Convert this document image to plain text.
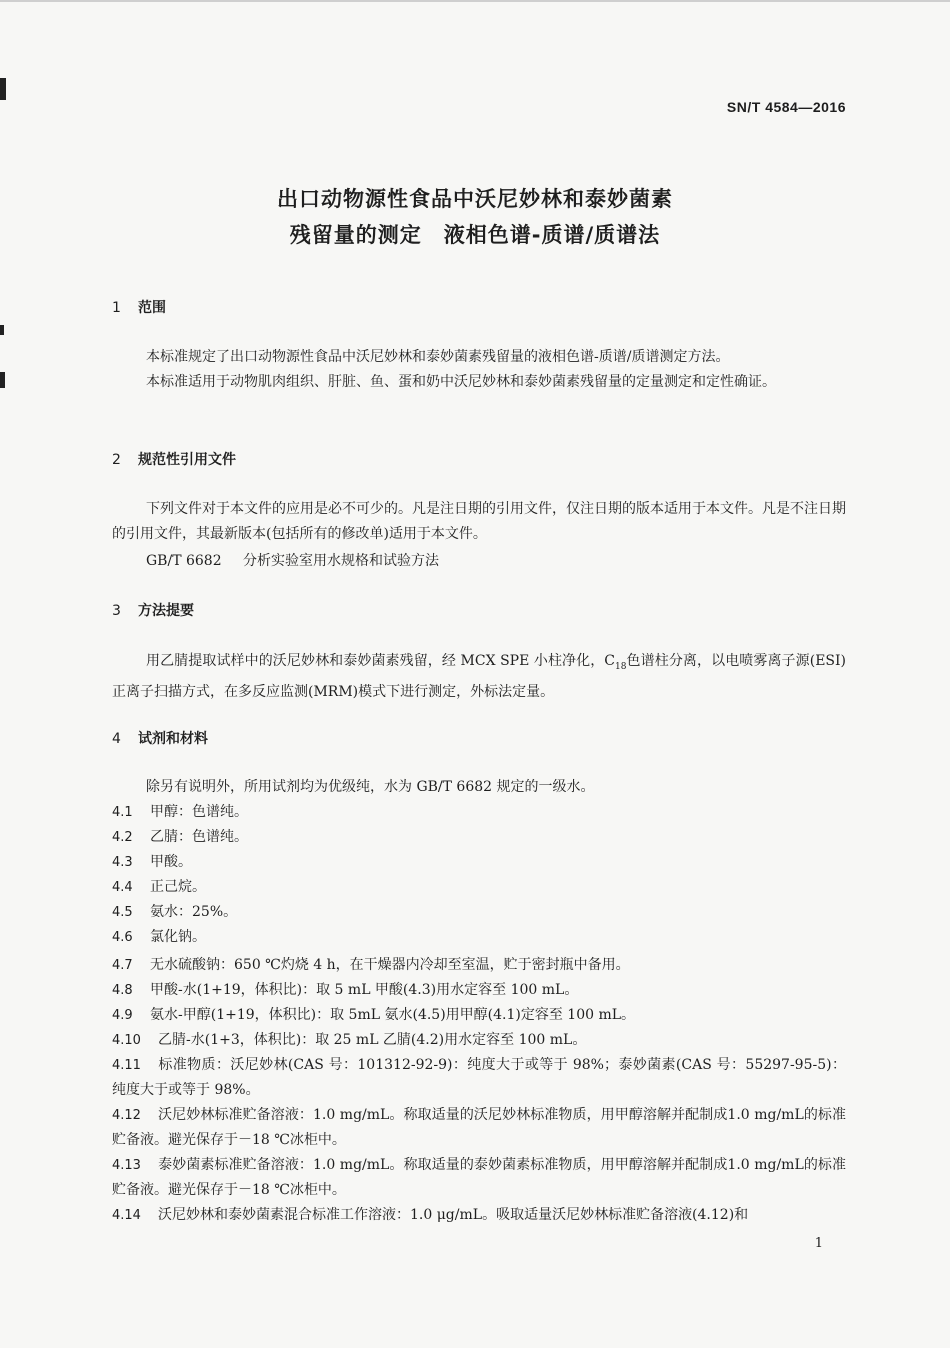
SN/T 4584—2016
出口动物源性食品中沃尼妙林和泰妙菌素
残留量的测定　液相色谱-质谱/质谱法
1 范围
本标准规定了出口动物源性食品中沃尼妙林和泰妙菌素残留量的液相色谱-质谱/质谱测定方法。
本标准适用于动物肌肉组织、肝脏、鱼、蛋和奶中沃尼妙林和泰妙菌素残留量的定量测定和定性确证。
2 规范性引用文件
下列文件对于本文件的应用是必不可少的。凡是注日期的引用文件，仅注日期的版本适用于本文件。凡是不注日期的引用文件，其最新版本(包括所有的修改单)适用于本文件。
GB/T 6682 分析实验室用水规格和试验方法
3 方法提要
用乙腈提取试样中的沃尼妙林和泰妙菌素残留，经 MCX SPE 小柱净化，$C_{18}$色谱柱分离，以电喷雾离子源(ESI)正离子扫描方式，在多反应监测(MRM)模式下进行测定，外标法定量。
4 试剂和材料
除另有说明外，所用试剂均为优级纯，水为 GB/T 6682 规定的一级水。
4.1 甲醇：色谱纯。
4.2 乙腈：色谱纯。
4.3 甲酸。
4.4 正己烷。
4.5 氨水：25%。
4.6 氯化钠。
4.7 无水硫酸钠：650 ℃灼烧 4 h，在干燥器内冷却至室温，贮于密封瓶中备用。
4.8 甲酸-水(1+19，体积比)：取 5 mL 甲酸(4.3)用水定容至 100 mL。
4.9 氨水-甲醇(1+19，体积比)：取 5mL 氨水(4.5)用甲醇(4.1)定容至 100 mL。
4.10 乙腈-水(1+3，体积比)：取 25 mL 乙腈(4.2)用水定容至 100 mL。
4.11 标准物质：沃尼妙林(CAS 号：101312-92-9)：纯度大于或等于 98%；泰妙菌素(CAS 号：55297-95-5)：纯度大于或等于 98%。
4.12 沃尼妙林标准贮备溶液：1.0 mg/mL。称取适量的沃尼妙林标准物质，用甲醇溶解并配制成1.0 mg/mL的标准贮备液。避光保存于－18 ℃冰柜中。
4.13 泰妙菌素标准贮备溶液：1.0 mg/mL。称取适量的泰妙菌素标准物质，用甲醇溶解并配制成1.0 mg/mL的标准贮备液。避光保存于－18 ℃冰柜中。
4.14 沃尼妙林和泰妙菌素混合标准工作溶液：1.0 μg/mL。吸取适量沃尼妙林标准贮备溶液(4.12)和
1
